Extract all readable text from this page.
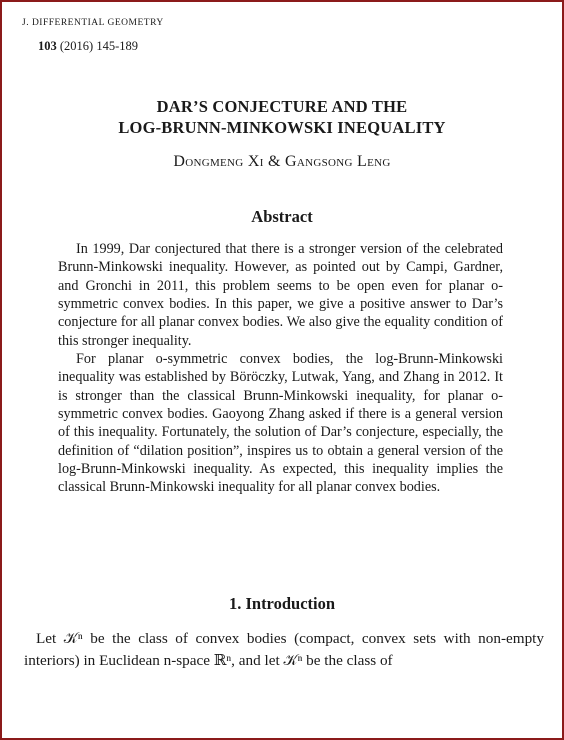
J. DIFFERENTIAL GEOMETRY
103 (2016) 145-189
DAR’S CONJECTURE AND THE
LOG-BRUNN-MINKOWSKI INEQUALITY
Dongmeng Xi & Gangsong Leng
Abstract

In 1999, Dar conjectured that there is a stronger version of the celebrated Brunn-Minkowski inequality. However, as pointed out by Campi, Gardner, and Gronchi in 2011, this problem seems to be open even for planar o-symmetric convex bodies. In this paper, we give a positive answer to Dar’s conjecture for all planar convex bodies. We also give the equality condition of this stronger inequality.

For planar o-symmetric convex bodies, the log-Brunn-Minkowski inequality was established by Böröczky, Lutwak, Yang, and Zhang in 2012. It is stronger than the classical Brunn-Minkowski inequality, for planar o-symmetric convex bodies. Gaoyong Zhang asked if there is a general version of this inequality. Fortunately, the solution of Dar’s conjecture, especially, the definition of “dilation position”, inspires us to obtain a general version of the log-Brunn-Minkowski inequality. As expected, this inequality implies the classical Brunn-Minkowski inequality for all planar convex bodies.

1. Introduction

Let 𝒦ⁿ be the class of convex bodies (compact, convex sets with non-empty interiors) in Euclidean n-space ℝⁿ, and let 𝒦ⁿ be the class of
